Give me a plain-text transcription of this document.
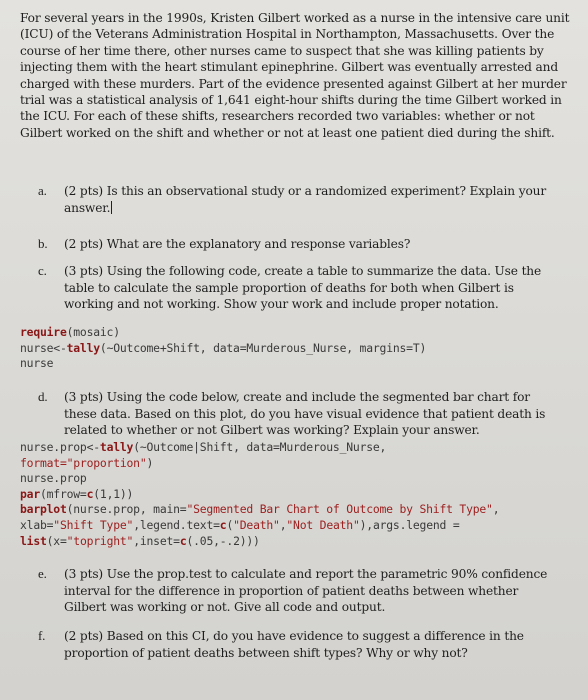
For several years in the 1990s, Kristen Gilbert worked as a nurse in the intensive care unit (ICU) of the Veterans Administration Hospital in Northampton, Massachusetts. Over the course of her time there, other nurses came to suspect that she was killing patients by injecting them with the heart stimulant epinephrine. Gilbert was eventually arrested and charged with these murders. Part of the evidence presented against Gilbert at her murder trial was a statistical analysis of 1,641 eight-hour shifts during the time Gilbert worked in the ICU. For each of these shifts, researchers recorded two variables: whether or not Gilbert worked on the shift and whether or not at least one patient died during the shift.
a. (2 pts) Is this an observational study or a randomized experiment? Explain your answer.
b. (2 pts) What are the explanatory and response variables?
c. (3 pts) Using the following code, create a table to summarize the data. Use the table to calculate the sample proportion of deaths for both when Gilbert is working and not working. Show your work and include proper notation.
require(mosaic)
nurse<-tally(~Outcome+Shift, data=Murderous_Nurse, margins=T)
nurse
d. (3 pts) Using the code below, create and include the segmented bar chart for these data. Based on this plot, do you have visual evidence that patient death is related to whether or not Gilbert was working? Explain your answer.
nurse.prop<-tally(~Outcome|Shift, data=Murderous_Nurse,
format="proportion")
nurse.prop
par(mfrow=c(1,1))
barplot(nurse.prop, main="Segmented Bar Chart of Outcome by Shift Type",
xlab="Shift Type",legend.text=c("Death","Not Death"),args.legend =
list(x="topright",inset=c(.05,-.2)))
e. (3 pts) Use the prop.test to calculate and report the parametric 90% confidence interval for the difference in proportion of patient deaths between whether Gilbert was working or not. Give all code and output.
f. (2 pts) Based on this CI, do you have evidence to suggest a difference in the proportion of patient deaths between shift types? Why or why not?
